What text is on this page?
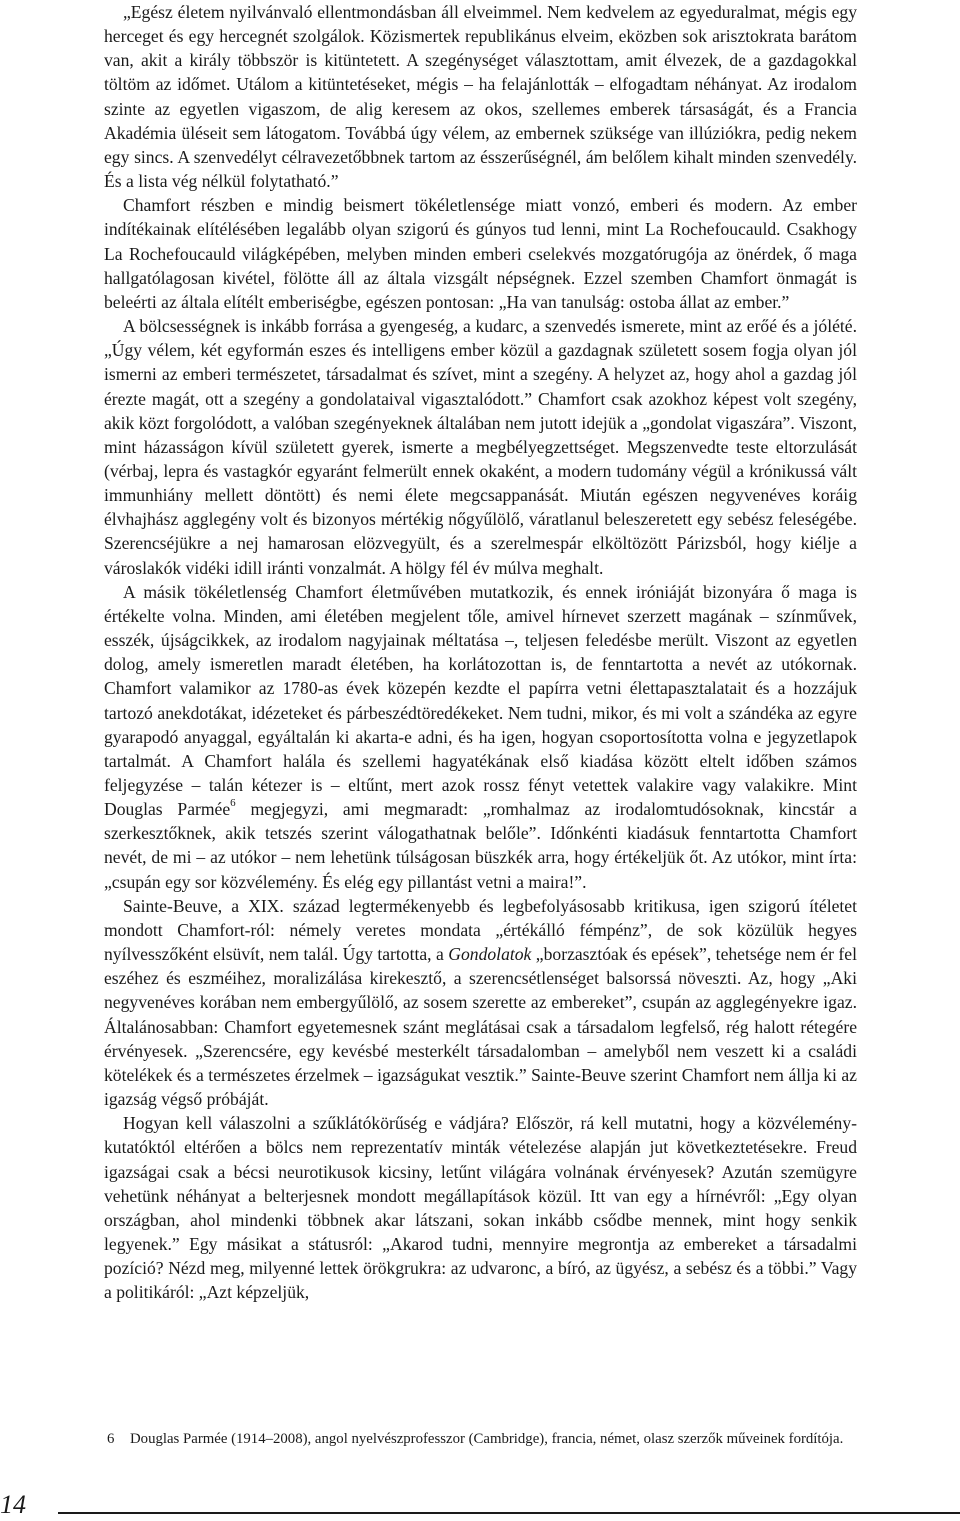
„Egész életem nyilvánvaló ellentmondásban áll elveimmel. Nem kedvelem az egyeduralmat, mégis egy herceget és egy hercegnét szolgálok. Közismertek republikánus elveim, eközben sok arisztokrata barátom van, akit a király többször is kitüntetett. A szegénységet választottam, amit élvezek, de a gazdagokkal töltöm az időmet. Utálom a kitüntetéseket, mégis – ha felajánlották – elfogadtam néhányat. Az irodalom szinte az egyetlen vigaszom, de alig keresem az okos, szellemes emberek társaságát, és a Francia Akadémia üléseit sem látogatom. Továbbá úgy vélem, az embernek szüksége van illúziókra, pedig nekem egy sincs. A szenvedélyt célravezetőbbnek tartom az ésszerűségnél, ám belőlem kihalt minden szenvedély. És a lista vég nélkül folytatható.”

Chamfort részben e mindig beismert tökéletlensége miatt vonzó, emberi és modern. Az ember indítékainak elítélésében legalább olyan szigorú és gúnyos tud lenni, mint La Rochefoucauld. Csakhogy La Rochefoucauld világképében, melyben minden emberi cselekvés mozgatórugója az önérdek, ő maga hallgatólagosan kivétel, fölötte áll az általa vizsgált népségnek. Ezzel szemben Chamfort önmagát is beleérti az általa elítélt emberiségbe, egészen pontosan: „Ha van tanulság: ostoba állat az ember.”

A bölcsességnek is inkább forrása a gyengeség, a kudarc, a szenvedés ismerete, mint az erőé és a jólété. „Úgy vélem, két egyformán eszes és intelligens ember közül a gazdagnak született sosem fogja olyan jól ismerni az emberi természetet, társadalmat és szívet, mint a szegény. A helyzet az, hogy ahol a gazdag jól érezte magát, ott a szegény a gondolataival vigasztalódott.” Chamfort csak azokhoz képest volt szegény, akik közt forgolódott, a valóban szegényeknek általában nem jutott idejük a „gondolat vigaszára”. Viszont, mint házasságon kívül született gyerek, ismerte a megbélyegzettséget. Megszenvedte teste eltorzulását (vérbaj, lepra és vastagkór egyaránt felmerült ennek okaként, a modern tudomány végül a krónikussá vált immunhiány mellett döntött) és nemi élete megcsappanását. Miután egészen negyvenéves koráig élvhajhász agglegény volt és bizonyos mértékig nőgyűlölő, váratlanul beleszeretett egy sebész feleségébe. Szerencséjükre a nej hamarosan elözvegyült, és a szerelmespár elköltözött Párizsból, hogy kiélje a városlakók vidéki idill iránti vonzalmát. A hölgy fél év múlva meghalt.

A másik tökéletlenség Chamfort életművében mutatkozik, és ennek iróniáját bizonyára ő maga is értékelte volna. Minden, ami életében megjelent tőle, amivel hírnevet szerzett magának – színművek, esszék, újságcikkek, az irodalom nagyjainak méltatása –, teljesen feledésbe merült. Viszont az egyetlen dolog, amely ismeretlen maradt életében, ha korlátozottan is, de fenntartotta a nevét az utókornak. Chamfort valamikor az 1780-as évek közepén kezdte el papírra vetni élettapasztalatait és a hozzájuk tartozó anekdotákat, idézeteket és párbeszédtöredékeket. Nem tudni, mikor, és mi volt a szándéka az egyre gyarapodó anyaggal, egyáltalán ki akarta-e adni, és ha igen, hogyan csoportosította volna e jegyzetlapok tartalmát. A Chamfort halála és szellemi hagyatékának első kiadása között eltelt időben számos feljegyzése – talán kétezer is – eltűnt, mert azok rossz fényt vetettek valakire vagy valakikre. Mint Douglas Parmée$^6$ megjegyzi, ami megmaradt: „romhalmaz az irodalomtudósoknak, kincstár a szerkesztőknek, akik tetszés szerint válogathatnak belőle”. Időnkénti kiadásuk fenntartotta Chamfort nevét, de mi – az utókor – nem lehetünk túlságosan büszkék arra, hogy értékeljük őt. Az utókor, mint írta: „csupán egy sor közvélemény. És elég egy pillantást vetni a maira!”.

Sainte-Beuve, a XIX. század legtermékenyebb és legbefolyásosabb kritikusa, igen szigorú ítéletet mondott Chamfort-ról: némely veretes mondata „értékálló fémpénz”, de sok közülük hegyes nyílvesszőként elsüvít, nem talál. Úgy tartotta, a Gondolatok „borzasztóak és epések”, tehetsége nem ér fel eszéhez és eszméihez, moralizálása kirekesztő, a szerencsétlenséget balsorssá növeszti. Az, hogy „Aki negyvenéves korában nem embergyűlölő, az sosem szerette az embereket”, csupán az agglegényekre igaz. Általánosabban: Chamfort egyetemesnek szánt meglátásai csak a társadalom legfelső, rég halott rétegére érvényesek. „Szerencsére, egy kevésbé mesterkélt társadalomban – amelyből nem veszett ki a családi kötelékek és a természetes érzelmek – igazságukat vesztik.” Sainte-Beuve szerint Chamfort nem állja ki az igazság végső próbáját.

Hogyan kell válaszolni a szűklátókörűség e vádjára? Először, rá kell mutatni, hogy a közvélemény-kutatóktól eltérően a bölcs nem reprezentatív minták vételezése alapján jut következtetésekre. Freud igazságai csak a bécsi neurotikusok kicsiny, letűnt világára volnának érvényesek? Azután szemügyre vehetünk néhányat a belterjesnek mondott megállapítások közül. Itt van egy a hírnévről: „Egy olyan országban, ahol mindenki többnek akar látszani, sokan inkább csődbe mennek, mint hogy senkik legyenek.” Egy másikat a státusról: „Akarod tudni, mennyire megrontja az embereket a társadalmi pozíció? Nézd meg, milyenné lettek örökgrukra: az udvaronc, a bíró, az ügyész, a sebész és a többi.” Vagy a politikáról: „Azt képzeljük,

6	Douglas Parmée (1914–2008), angol nyelvészprofesszor (Cambridge), francia, német, olasz szerzők műveinek fordítója.
14
